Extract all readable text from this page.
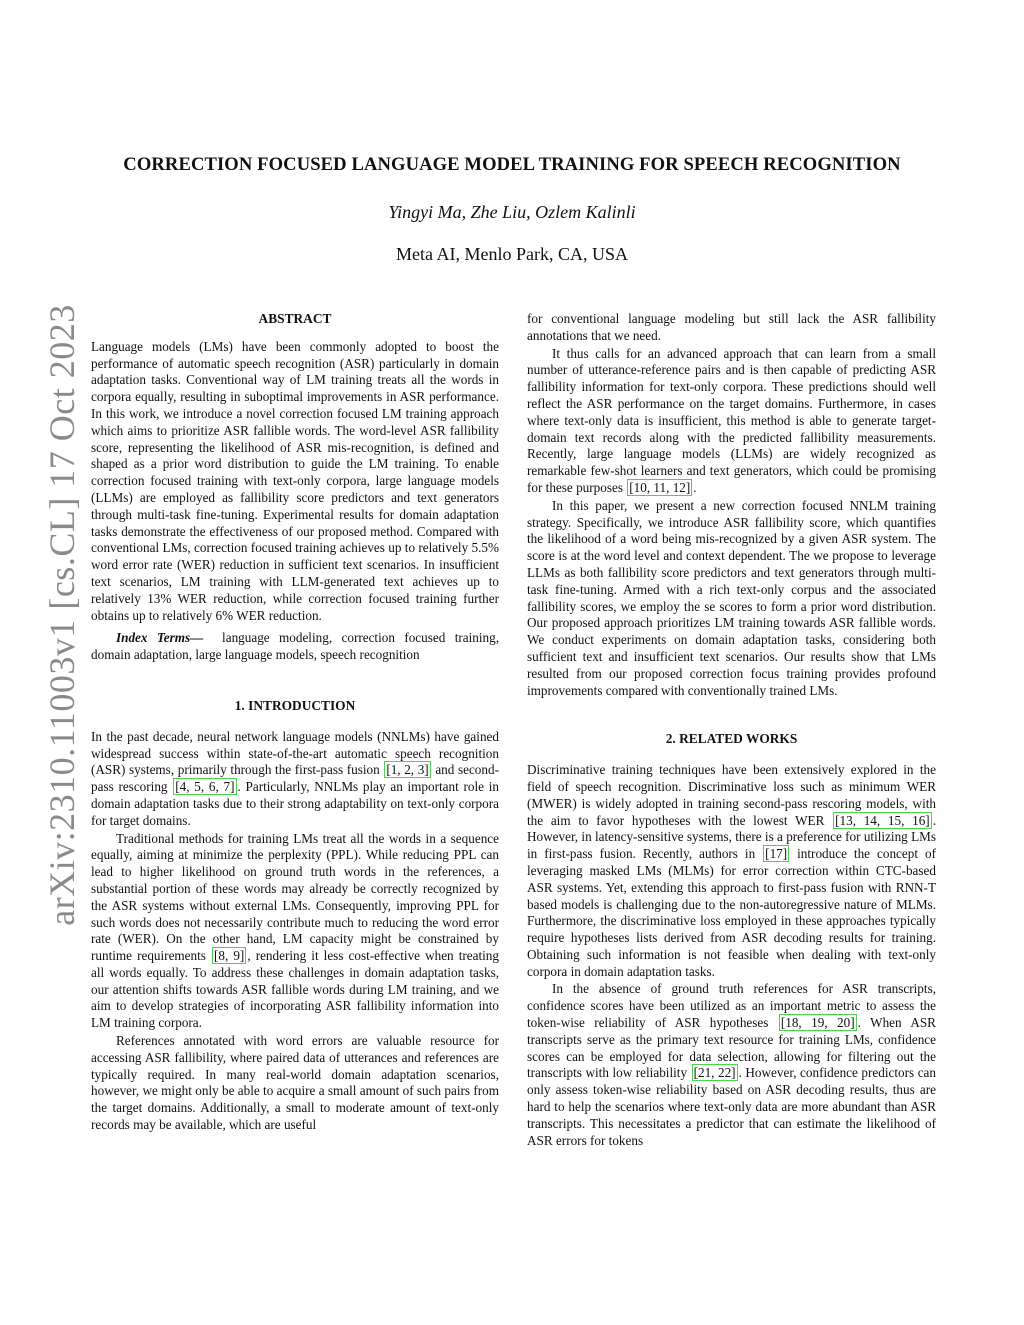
arXiv:2310.11003v1 [cs.CL] 17 Oct 2023
CORRECTION FOCUSED LANGUAGE MODEL TRAINING FOR SPEECH RECOGNITION
Yingyi Ma, Zhe Liu, Ozlem Kalinli
Meta AI, Menlo Park, CA, USA
ABSTRACT

Language models (LMs) have been commonly adopted to boost the performance of automatic speech recognition (ASR) particularly in domain adaptation tasks. Conventional way of LM training treats all the words in corpora equally, resulting in suboptimal improvements in ASR performance. In this work, we introduce a novel correction focused LM training approach which aims to prioritize ASR fallible words. The word-level ASR fallibility score, representing the likelihood of ASR mis-recognition, is defined and shaped as a prior word distribution to guide the LM training. To enable correction focused training with text-only corpora, large language models (LLMs) are employed as fallibility score predictors and text generators through multi-task fine-tuning. Experimental results for domain adaptation tasks demonstrate the effectiveness of our proposed method. Compared with conventional LMs, correction focused training achieves up to relatively 5.5% word error rate (WER) reduction in sufficient text scenarios. In insufficient text scenarios, LM training with LLM-generated text achieves up to relatively 13% WER reduction, while correction focused training further obtains up to relatively 6% WER reduction.

Index Terms— language modeling, correction focused training, domain adaptation, large language models, speech recognition

1. INTRODUCTION

In the past decade, neural network language models (NNLMs) have gained widespread success within state-of-the-art automatic speech recognition (ASR) systems, primarily through the first-pass fusion [1, 2, 3] and second-pass rescoring [4, 5, 6, 7] . Particularly, NNLMs play an important role in domain adaptation tasks due to their strong adaptability on text-only corpora for target domains.

Traditional methods for training LMs treat all the words in a sequence equally, aiming at minimize the perplexity (PPL). While reducing PPL can lead to higher likelihood on ground truth words in the references, a substantial portion of these words may already be correctly recognized by the ASR systems without external LMs. Consequently, improving PPL for such words does not necessarily contribute much to reducing the word error rate (WER). On the other hand, LM capacity might be constrained by runtime requirements [8, 9] , rendering it less cost-effective when treating all words equally. To address these challenges in domain adaptation tasks, our attention shifts towards ASR fallible words during LM training, and we aim to develop strategies of incorporating ASR fallibility information into LM training corpora.

References annotated with word errors are valuable resource for accessing ASR fallibility, where paired data of utterances and references are typically required. In many real-world domain adaptation scenarios, however, we might only be able to acquire a small amount of such pairs from the target domains. Additionally, a small to moderate amount of text-only records may be available, which are useful

for conventional language modeling but still lack the ASR fallibility annotations that we need.

It thus calls for an advanced approach that can learn from a small number of utterance-reference pairs and is then capable of predicting ASR fallibility information for text-only corpora. These predictions should well reflect the ASR performance on the target domains. Furthermore, in cases where text-only data is insufficient, this method is able to generate target-domain text records along with the predicted fallibility measurements. Recently, large language models (LLMs) are widely recognized as remarkable few-shot learners and text generators, which could be promising for these purposes [10, 11, 12] .

In this paper, we present a new correction focused NNLM training strategy. Specifically, we introduce ASR fallibility score, which quantifies the likelihood of a word being mis-recognized by a given ASR system. The score is at the word level and context dependent. The we propose to leverage LLMs as both fallibility score predictors and text generators through multi-task fine-tuning. Armed with a rich text-only corpus and the associated fallibility scores, we employ the se scores to form a prior word distribution. Our proposed approach prioritizes LM training towards ASR fallible words. We conduct experiments on domain adaptation tasks, considering both sufficient text and insufficient text scenarios. Our results show that LMs resulted from our proposed correction focus training provides profound improvements compared with conventionally trained LMs.

2. RELATED WORKS

Discriminative training techniques have been extensively explored in the field of speech recognition. Discriminative loss such as minimum WER (MWER) is widely adopted in training second-pass rescoring models, with the aim to favor hypotheses with the lowest WER [13, 14, 15, 16] . However, in latency-sensitive systems, there is a preference for utilizing LMs in first-pass fusion. Recently, authors in [17] introduce the concept of leveraging masked LMs (MLMs) for error correction within CTC-based ASR systems. Yet, extending this approach to first-pass fusion with RNN-T based models is challenging due to the non-autoregressive nature of MLMs. Furthermore, the discriminative loss employed in these approaches typically require hypotheses lists derived from ASR decoding results for training. Obtaining such information is not feasible when dealing with text-only corpora in domain adaptation tasks.

In the absence of ground truth references for ASR transcripts, confidence scores have been utilized as an important metric to assess the token-wise reliability of ASR hypotheses [18, 19, 20] . When ASR transcripts serve as the primary text resource for training LMs, confidence scores can be employed for data selection, allowing for filtering out the transcripts with low reliability [21, 22] . However, confidence predictors can only assess token-wise reliability based on ASR decoding results, thus are hard to help the scenarios where text-only data are more abundant than ASR transcripts. This necessitates a predictor that can estimate the likelihood of ASR errors for tokens
